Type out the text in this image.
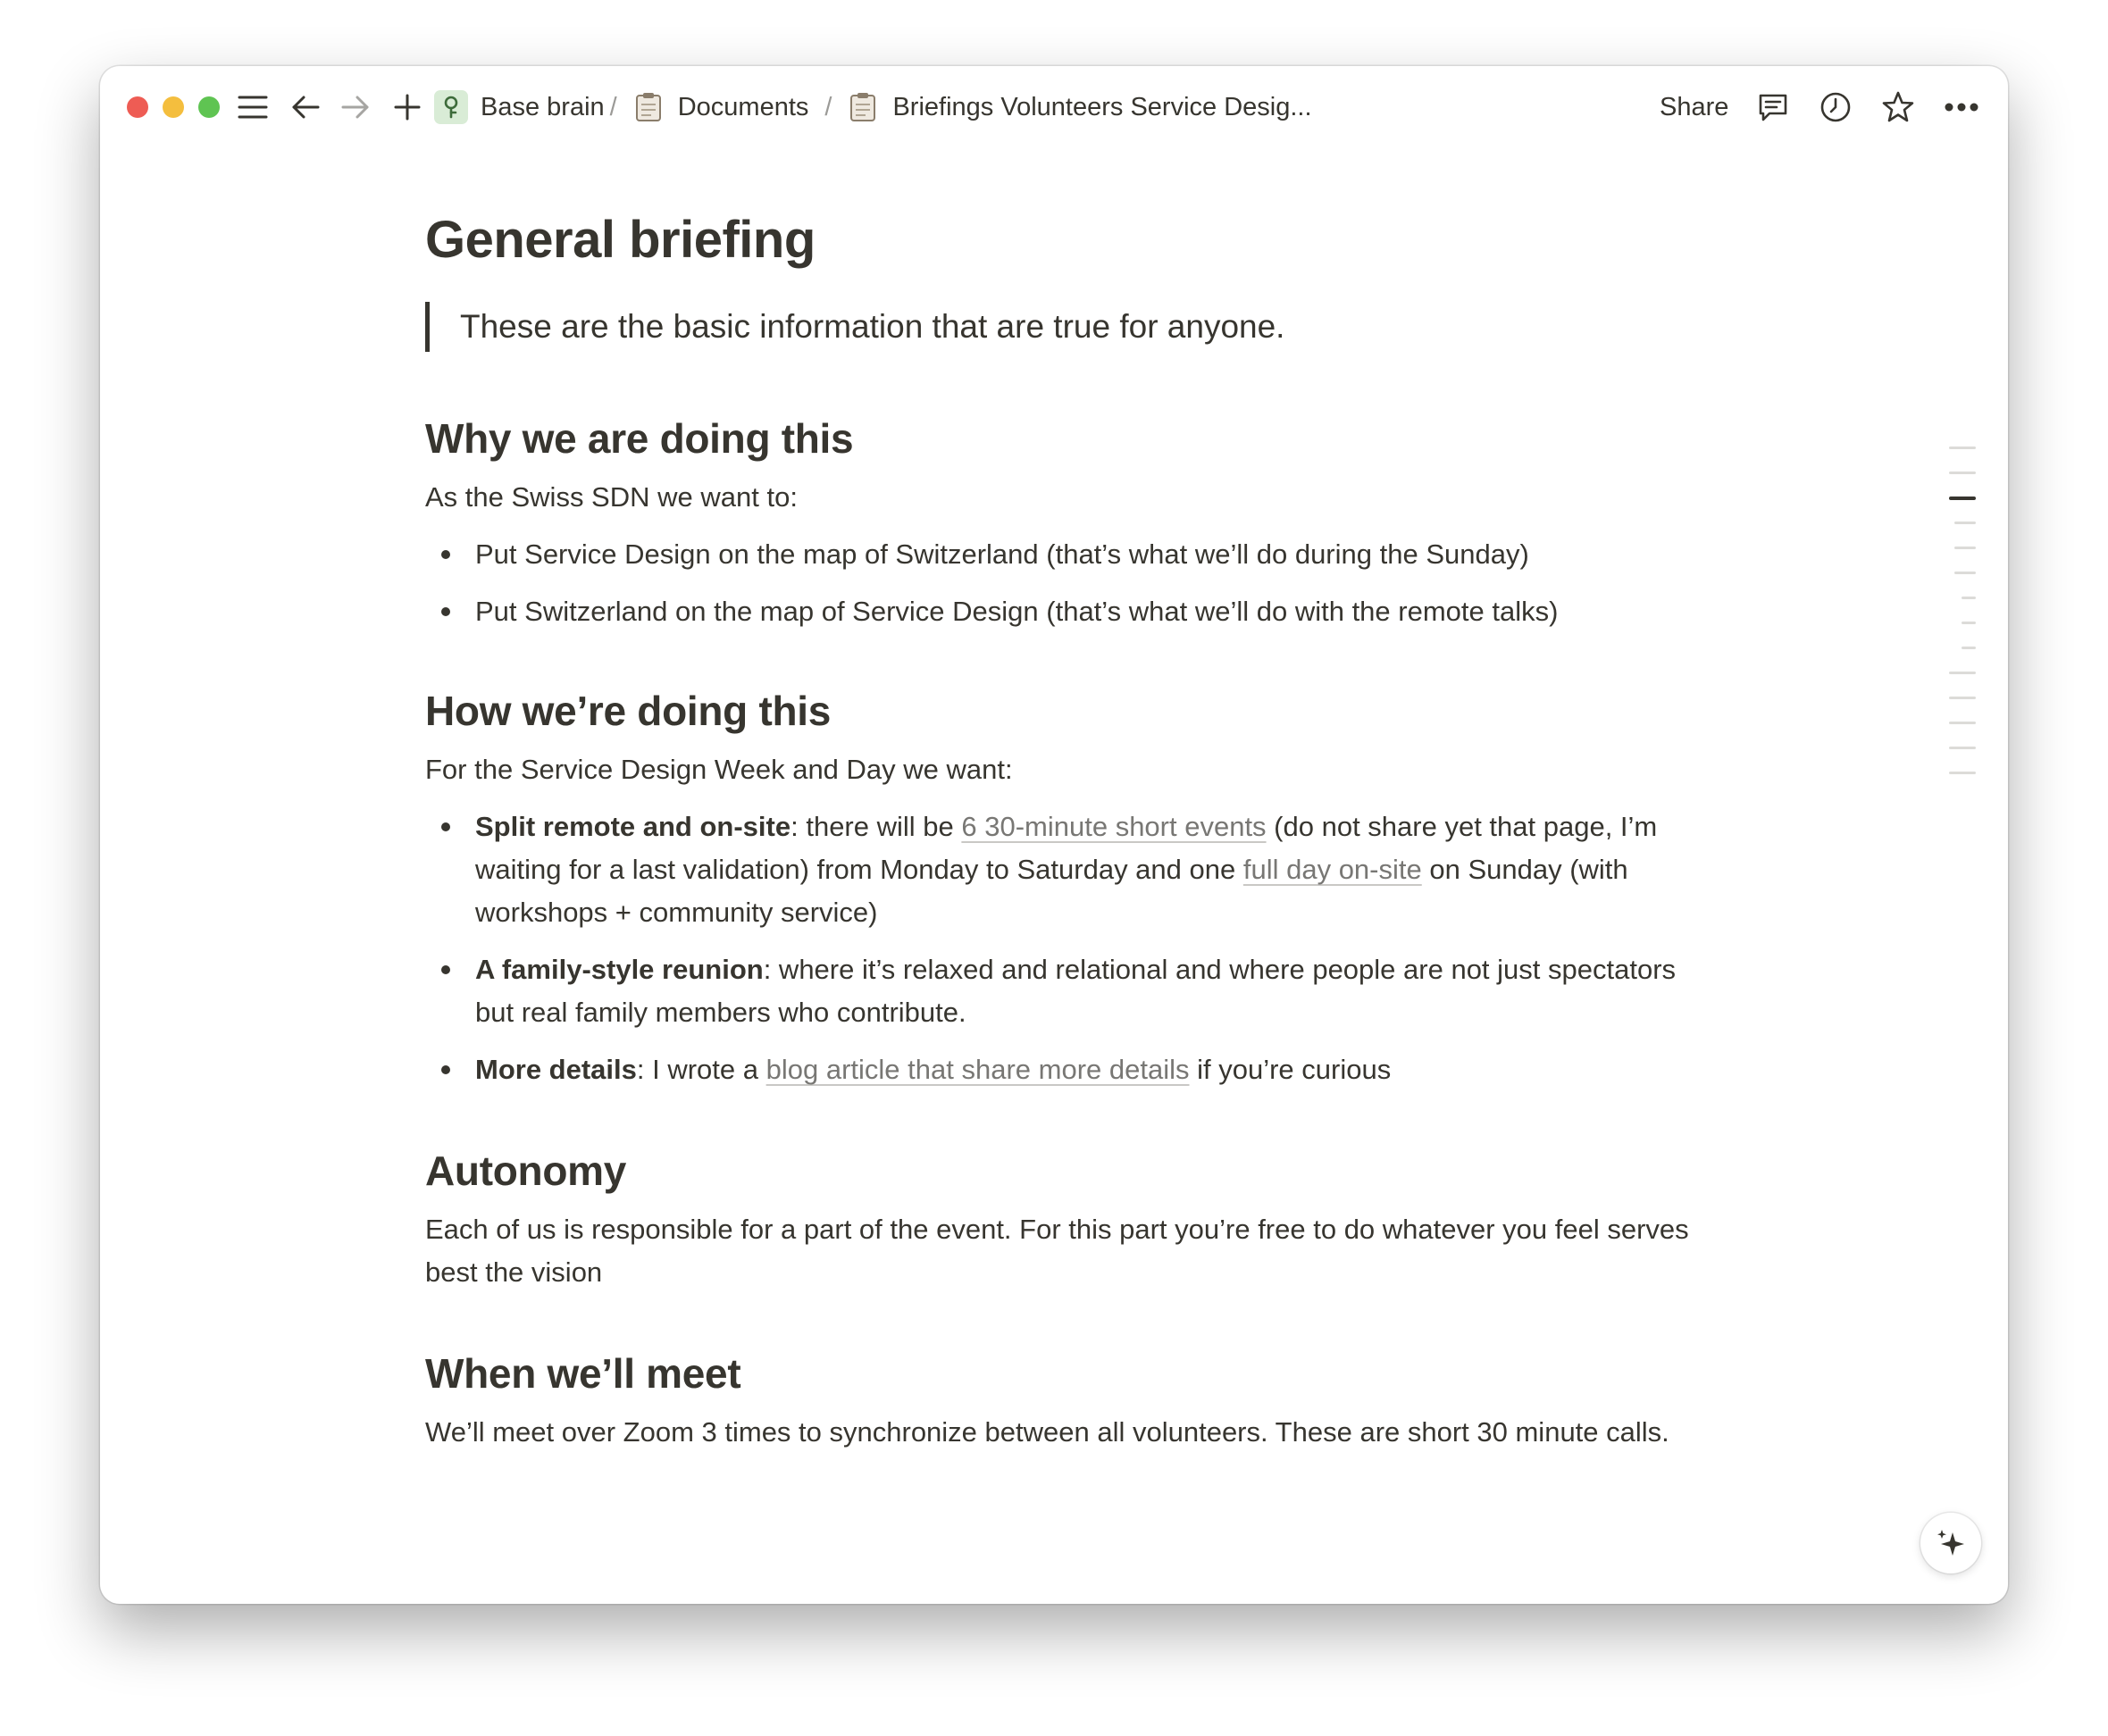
Base brain / Documents / Briefings Volunteers Service Desig...	Share
General briefing
These are the basic information that are true for anyone.
Why we are doing this

As the Swiss SDN we want to:

Put Service Design on the map of Switzerland (that’s what we’ll do during the Sunday)
Put Switzerland on the map of Service Design (that’s what we’ll do with the remote talks)
How we’re doing this

For the Service Design Week and Day we want:

Split remote and on-site: there will be 6 30-minute short events (do not share yet that page, I’m waiting for a last validation) from Monday to Saturday and one full day on-site on Sunday (with workshops + community service)
A family-style reunion: where it’s relaxed and relational and where people are not just spectators but real family members who contribute.
More details: I wrote a blog article that share more details if you’re curious
Autonomy

Each of us is responsible for a part of the event. For this part you’re free to do whatever you feel serves best the vision

When we’ll meet

We’ll meet over Zoom 3 times to synchronize between all volunteers. These are short 30 minute calls.
